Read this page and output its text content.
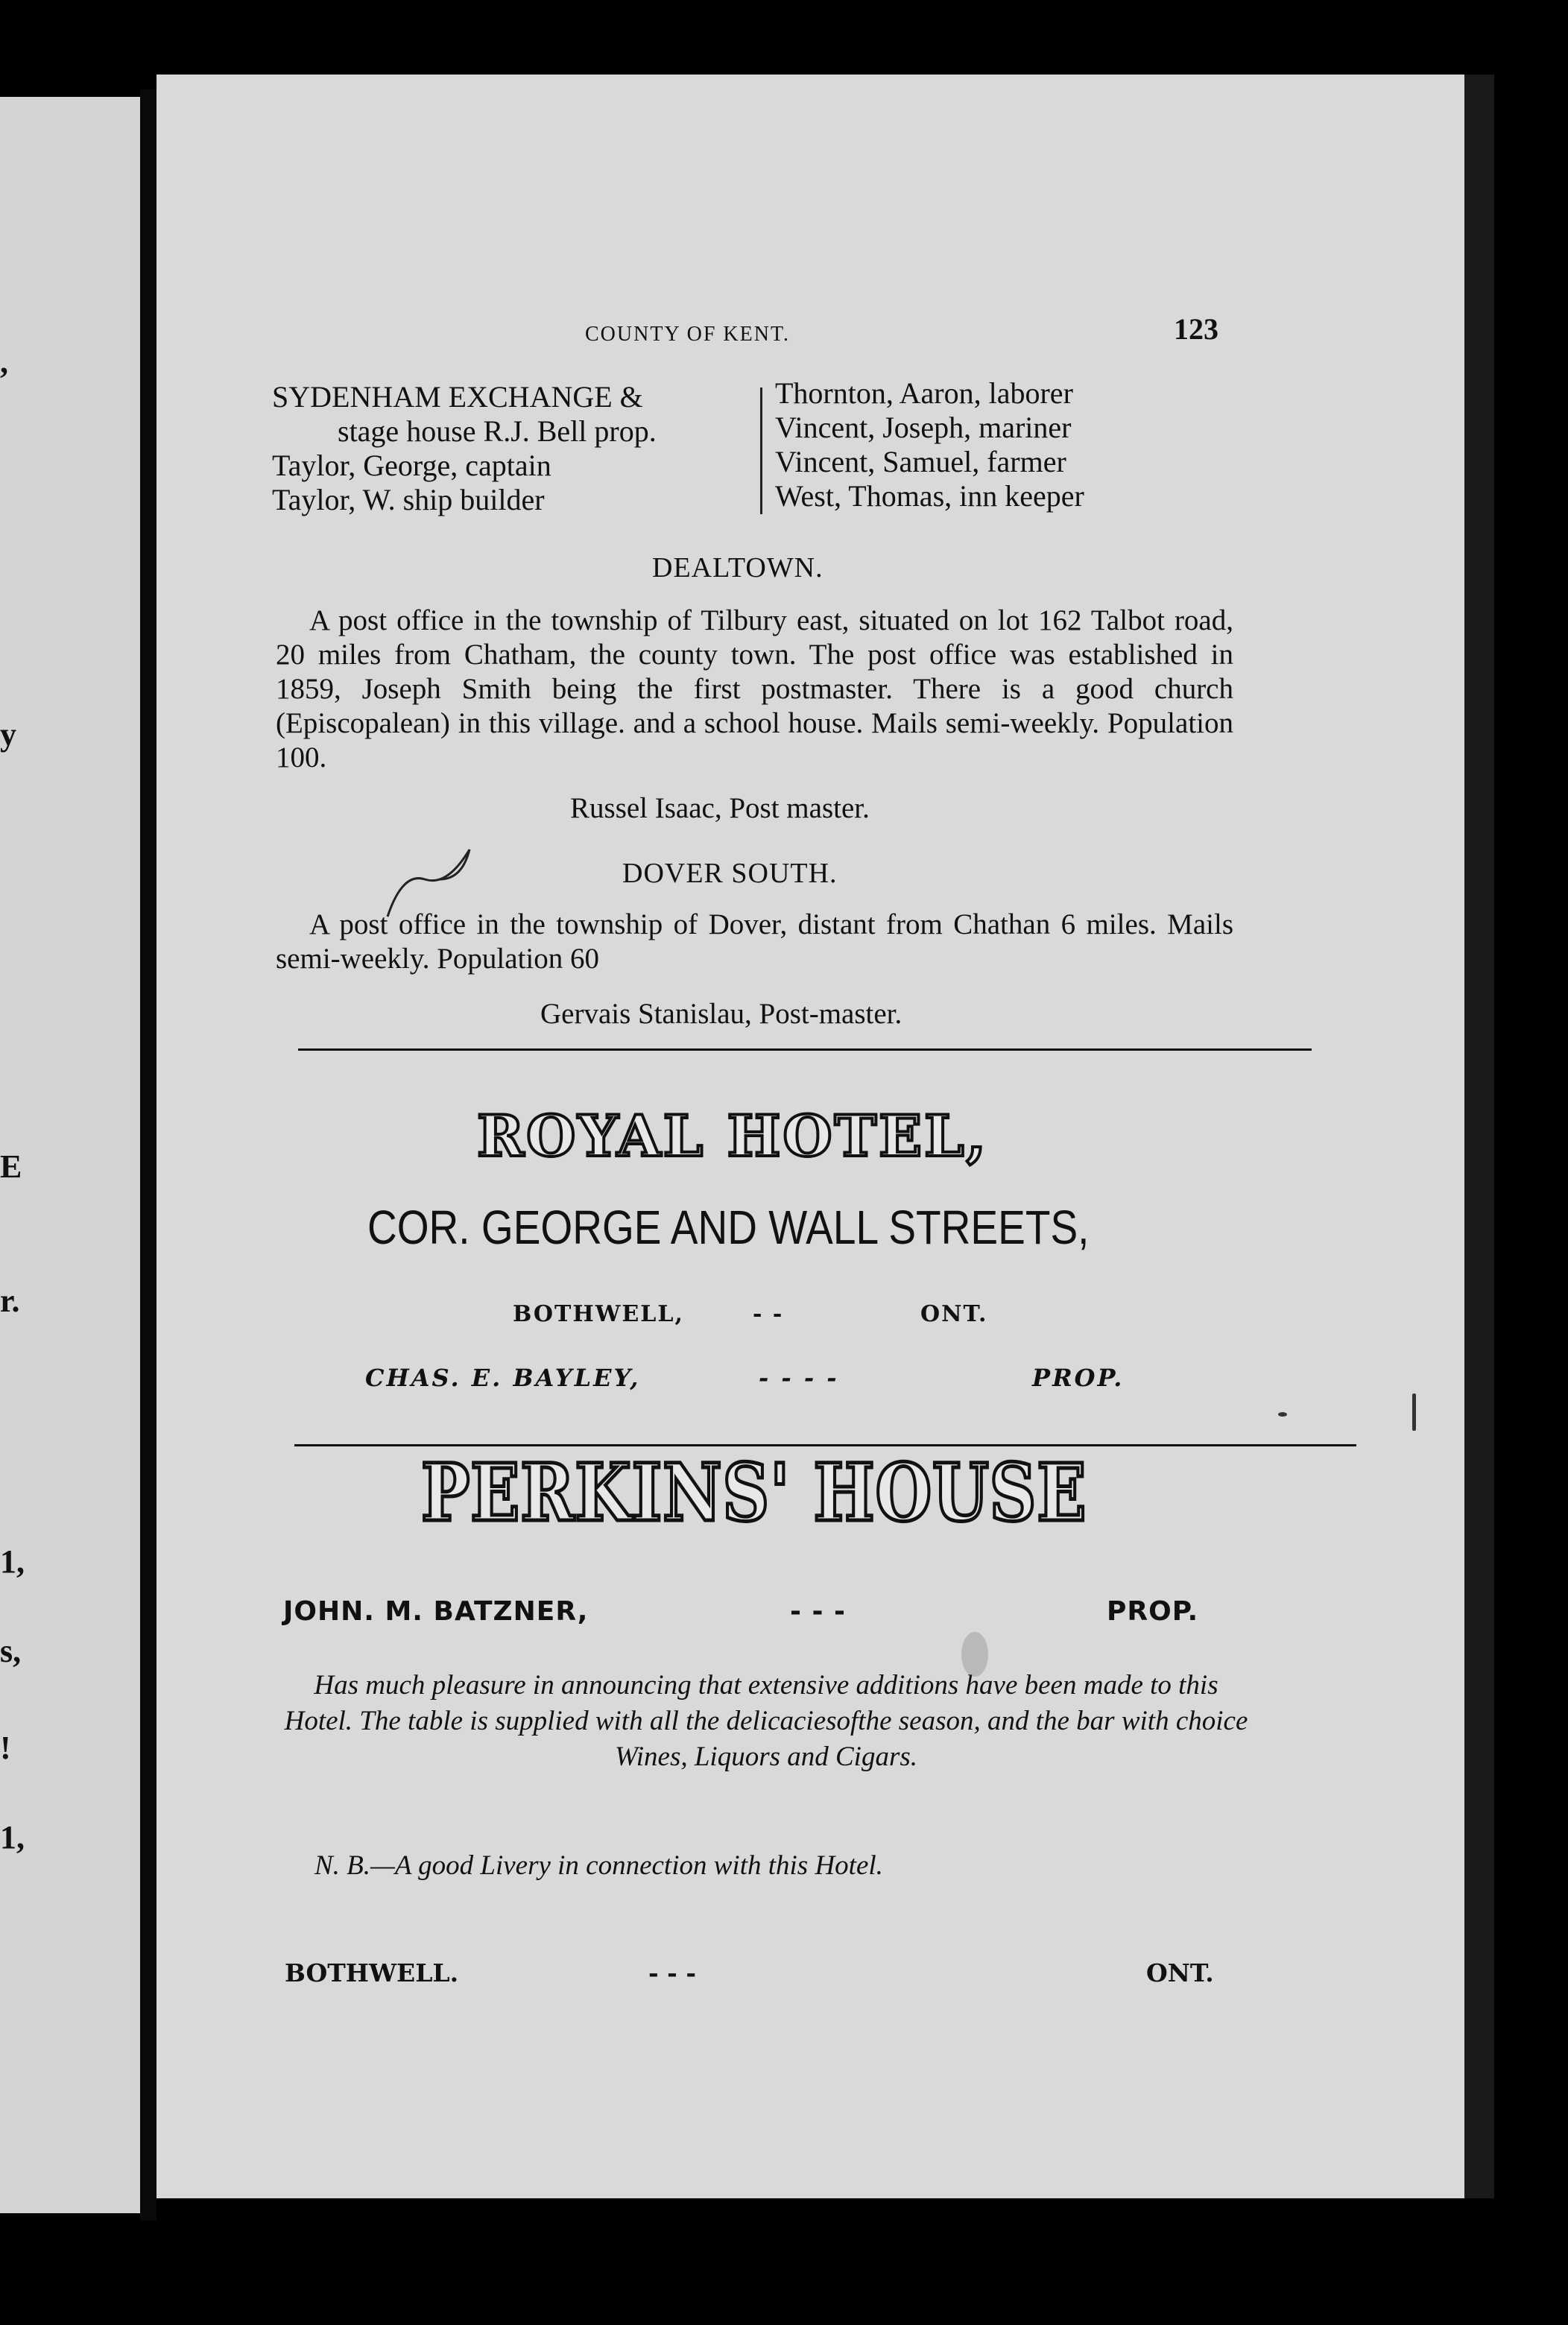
,
y
E
r.
1,
s,
!
1,
COUNTY OF KENT.	123
SYDENHAM EXCHANGE &
stage house R.J. Bell prop.
Taylor, George, captain
Taylor, W. ship builder
Thornton, Aaron, laborer
Vincent, Joseph, mariner
Vincent, Samuel, farmer
West, Thomas, inn keeper
DEALTOWN.
A post office in the township of Tilbury east, situated on lot 162 Talbot road, 20 miles from Chatham, the county town. The post office was established in 1859, Joseph Smith being the first postmaster. There is a good church (Episcopalean) in this village. and a school house. Mails semi-weekly. Population 100.
Russel Isaac, Post master.
DOVER SOUTH.
A post office in the township of Dover, distant from Chathan 6 miles. Mails semi-weekly. Population 60
Gervais Stanislau, Post-master.
ROYAL HOTEL,
COR. GEORGE AND WALL STREETS,
BOTHWELL,	- -	ONT.
CHAS. E. BAYLEY,	- - - -	PROP.
PERKINS' HOUSE
JOHN. M. BATZNER,	- - -	PROP.
Has much pleasure in announcing that extensive additions have been made to this Hotel. The table is supplied with all the delicaciesofthe season, and the bar with choice Wines, Liquors and Cigars.
N. B.—A good Livery in connection with this Hotel.
BOTHWELL.	- - -	ONT.
